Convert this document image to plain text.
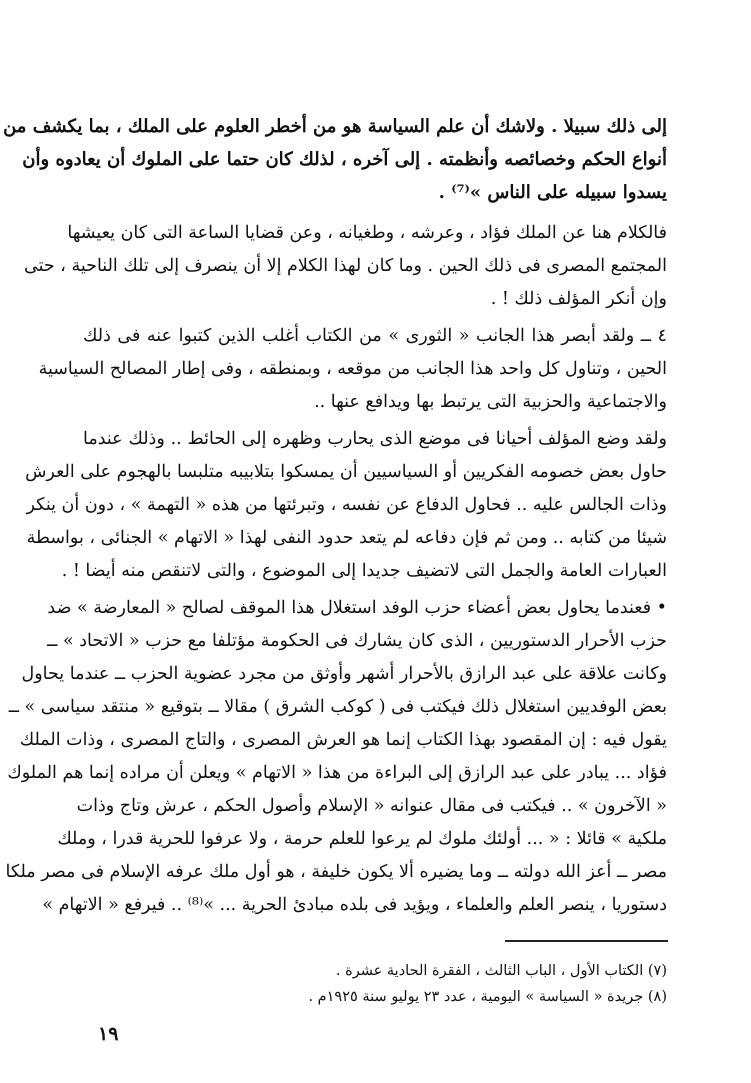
إلى ذلك سبيلا . ولاشك أن علم السياسة هو من أخطر العلوم على الملك ، بما يكشف من
أنواع الحكم وخصائصه وأنظمته . إلى آخره ، لذلك كان حتما على الملوك أن يعادوه وأن
يسدوا سبيله على الناس »⁽⁷⁾ .
فالكلام هنا عن الملك فؤاد ، وعرشه ، وطغيانه ، وعن قضايا الساعة التى كان يعيشها
المجتمع المصرى فى ذلك الحين . وما كان لهذا الكلام إلا أن ينصرف إلى تلك الناحية ، حتى
وإن أنكر المؤلف ذلك ! .
٤ ــ ولقد أبصر هذا الجانب « الثورى » من الكتاب أغلب الذين كتبوا عنه فى ذلك
الحين ، وتناول كل واحد هذا الجانب من موقعه ، وبمنطقه ، وفى إطار المصالح السياسية
والاجتماعية والحزبية التى يرتبط بها ويدافع عنها ..
ولقد وضع المؤلف أحيانا فى موضع الذى يحارب وظهره إلى الحائط .. وذلك عندما
حاول بعض خصومه الفكريين أو السياسيين أن يمسكوا بتلابيبه متلبسا بالهجوم على العرش
وذات الجالس عليه .. فحاول الدفاع عن نفسه ، وتبرئتها من هذه « التهمة » ، دون أن ينكر
شيئا من كتابه .. ومن ثم فإن دفاعه لم يتعد حدود النفى لهذا « الاتهام » الجنائى ، بواسطة
العبارات العامة والجمل التى لاتضيف جديدا إلى الموضوع ، والتى لاتنقص منه أيضا ! .
• فعندما يحاول بعض أعضاء حزب الوفد استغلال هذا الموقف لصالح « المعارضة » ضد
حزب الأحرار الدستوريين ، الذى كان يشارك فى الحكومة مؤتلفا مع حزب « الاتحاد » ــ
وكانت علاقة على عبد الرازق بالأحرار أشهر وأوثق من مجرد عضوية الحزب ــ عندما يحاول
بعض الوفديين استغلال ذلك فيكتب فى ( كوكب الشرق ) مقالا ــ بتوقيع « منتقد سياسى » ــ
يقول فيه : إن المقصود بهذا الكتاب إنما هو العرش المصرى ، والتاج المصرى ، وذات الملك
فؤاد ... يبادر على عبد الرازق إلى البراءة من هذا « الاتهام » ويعلن أن مراده إنما هم الملوك
« الآخرون » .. فيكتب فى مقال عنوانه « الإسلام وأصول الحكم ، عرش وتاج وذات
ملكية » قائلا : « ... أولئك ملوك لم يرعوا للعلم حرمة ، ولا عرفوا للحرية قدرا ، وملك
مصر ــ أعز الله دولته ــ وما يضيره ألا يكون خليفة ، هو أول ملك عرفه الإسلام فى مصر ملكا
دستوريا ، ينصر العلم والعلماء ، ويؤيد فى بلده مبادئ الحرية ... »⁽⁸⁾ .. فيرفع « الاتهام »
(٧) الكتاب الأول ، الباب الثالث ، الفقرة الحادية عشرة .
(٨) جريدة « السياسة » اليومية ، عدد ٢٣ يوليو سنة ١٩٢٥م .
١٩
